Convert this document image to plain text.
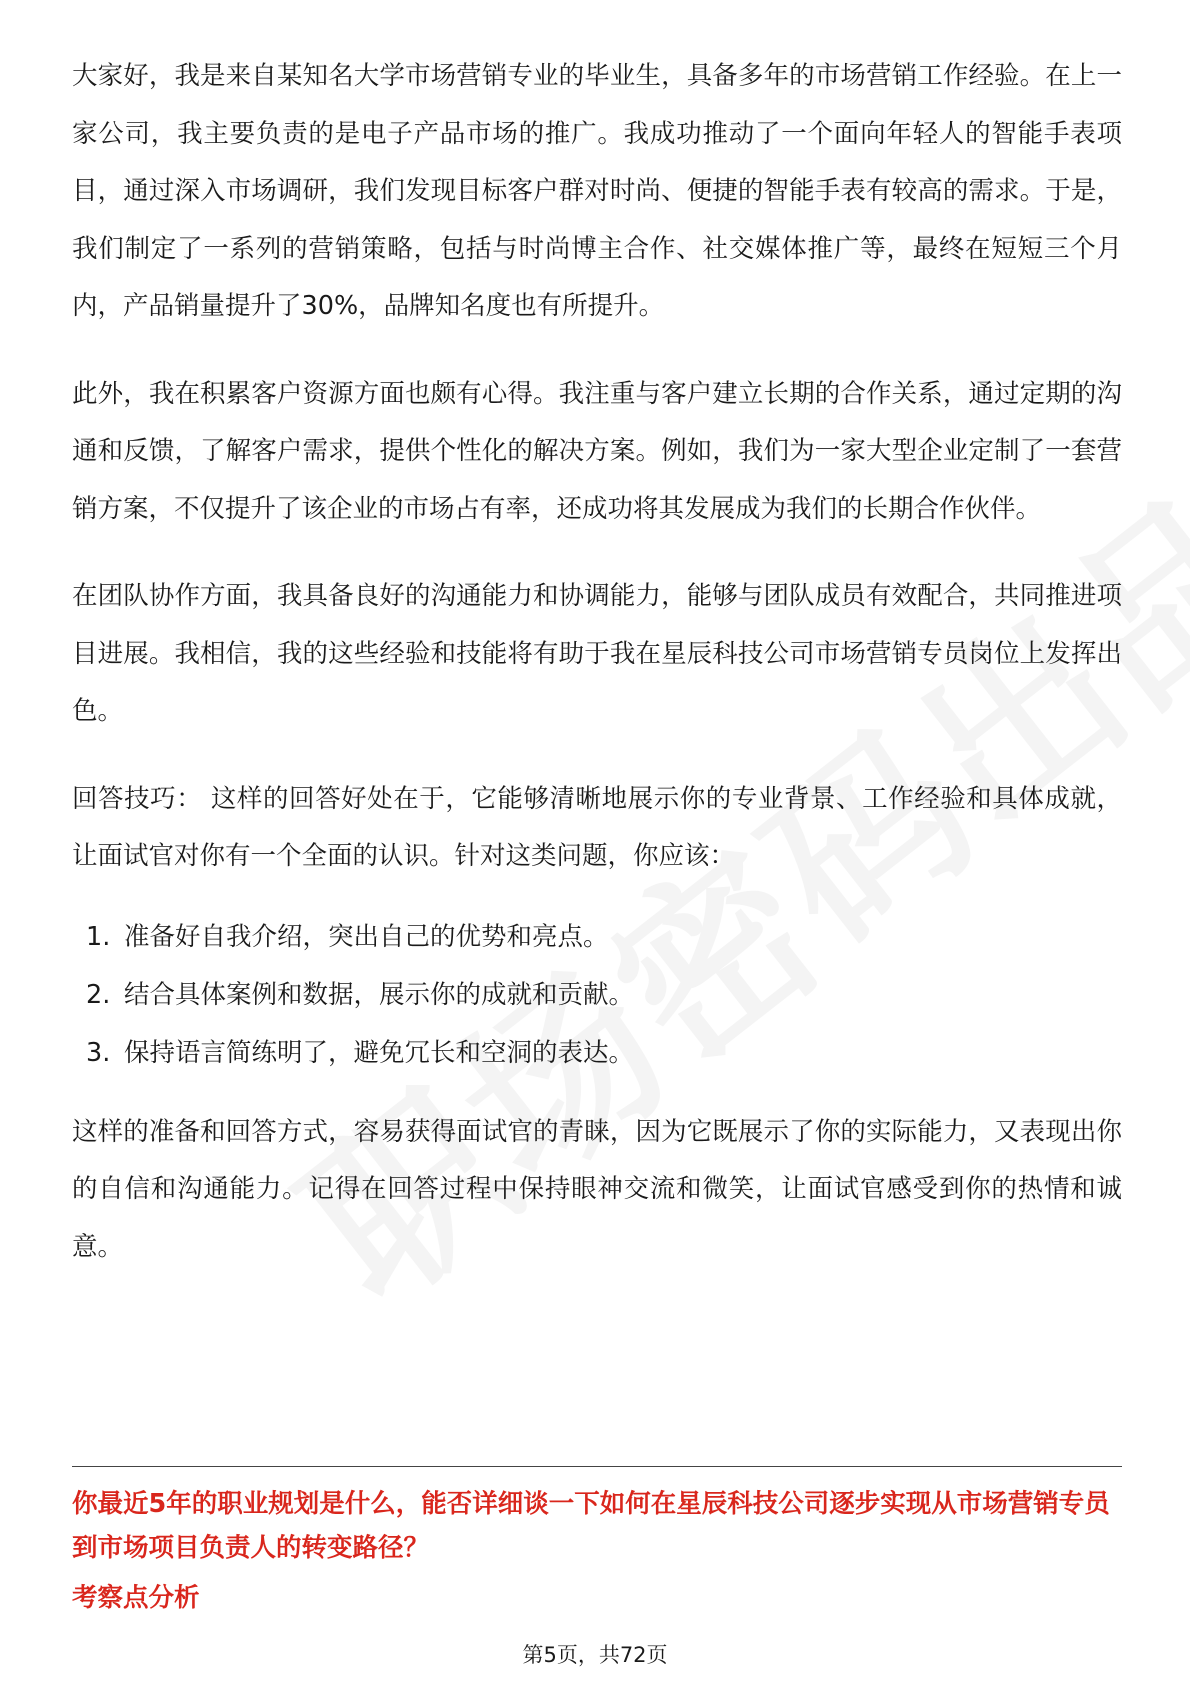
大家好，我是来自某知名大学市场营销专业的毕业生，具备多年的市场营销工作经验。在上一家公司，我主要负责的是电子产品市场的推广。我成功推动了一个面向年轻人的智能手表项目，通过深入市场调研，我们发现目标客户群对时尚、便捷的智能手表有较高的需求。于是，我们制定了一系列的营销策略，包括与时尚博主合作、社交媒体推广等，最终在短短三个月内，产品销量提升了30%，品牌知名度也有所提升。

此外，我在积累客户资源方面也颇有心得。我注重与客户建立长期的合作关系，通过定期的沟通和反馈，了解客户需求，提供个性化的解决方案。例如，我们为一家大型企业定制了一套营销方案，不仅提升了该企业的市场占有率，还成功将其发展成为我们的长期合作伙伴。

在团队协作方面，我具备良好的沟通能力和协调能力，能够与团队成员有效配合，共同推进项目进展。我相信，我的这些经验和技能将有助于我在星辰科技公司市场营销专员岗位上发挥出色。

回答技巧： 这样的回答好处在于，它能够清晰地展示你的专业背景、工作经验和具体成就，让面试官对你有一个全面的认识。针对这类问题，你应该：

1. 准备好自我介绍，突出自己的优势和亮点。
2. 结合具体案例和数据，展示你的成就和贡献。
3. 保持语言简练明了，避免冗长和空洞的表达。

这样的准备和回答方式，容易获得面试官的青睐，因为它既展示了你的实际能力，又表现出你的自信和沟通能力。记得在回答过程中保持眼神交流和微笑，让面试官感受到你的热情和诚意。

你最近5年的职业规划是什么，能否详细谈一下如何在星辰科技公司逐步实现从市场营销专员到市场项目负责人的转变路径？
考察点分析
第5页，共72页
